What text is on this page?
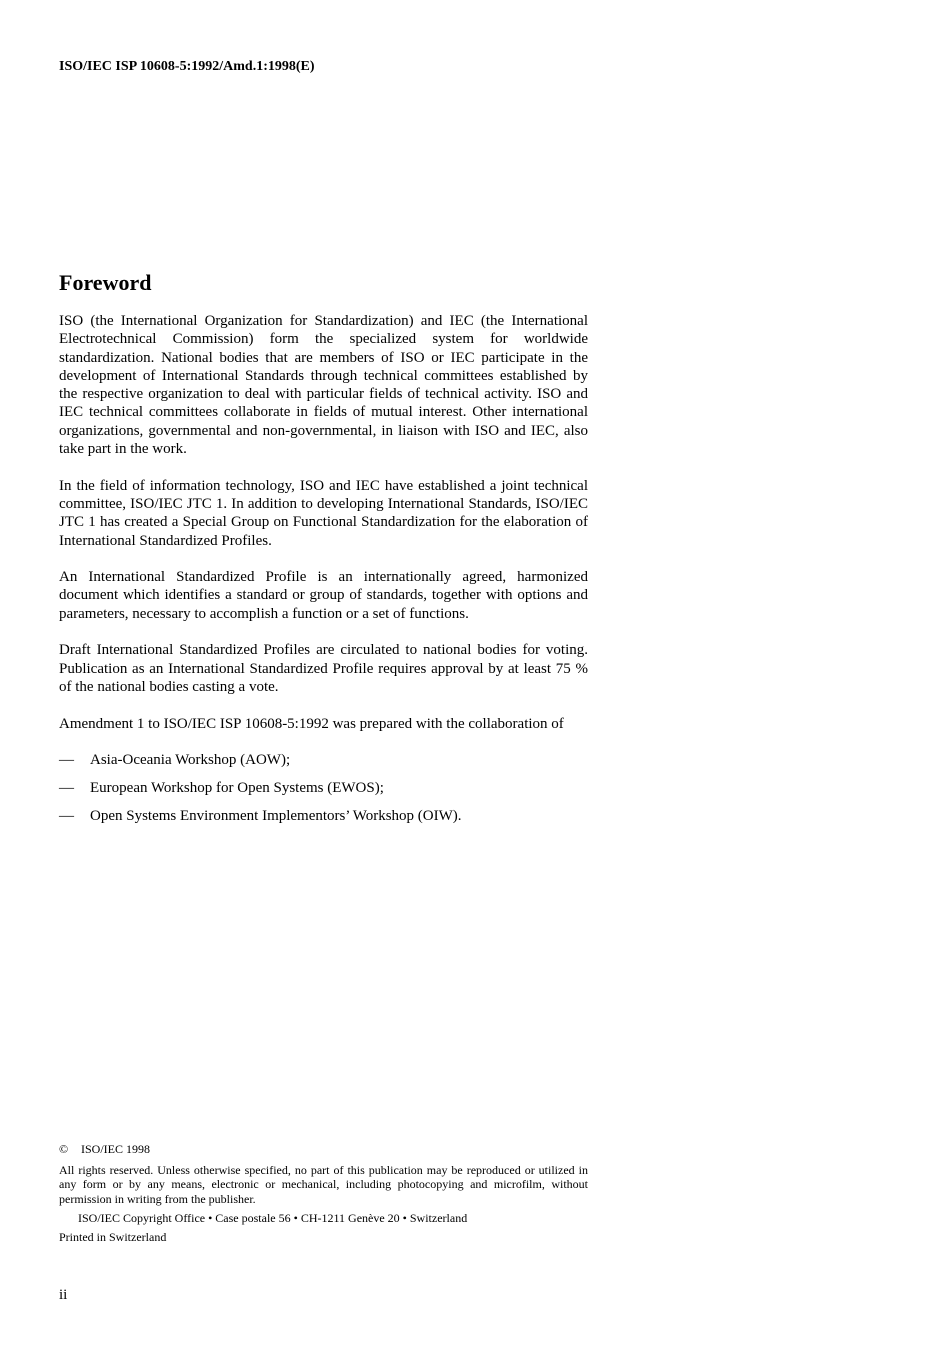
ISO/IEC ISP 10608-5:1992/Amd.1:1998(E)
Foreword

ISO (the International Organization for Standardization) and IEC (the International Electrotechnical Commission) form the specialized system for worldwide standardization. National bodies that are members of ISO or IEC participate in the development of International Standards through technical committees established by the respective organization to deal with particular fields of technical activity. ISO and IEC technical committees collaborate in fields of mutual interest. Other international organizations, governmental and non-governmental, in liaison with ISO and IEC, also take part in the work.

In the field of information technology, ISO and IEC have established a joint technical committee, ISO/IEC JTC 1. In addition to developing International Standards, ISO/IEC JTC 1 has created a Special Group on Functional Standardization for the elaboration of International Standardized Profiles.

An International Standardized Profile is an internationally agreed, harmonized document which identifies a standard or group of standards, together with options and parameters, necessary to accomplish a function or a set of functions.

Draft International Standardized Profiles are circulated to national bodies for voting. Publication as an International Standardized Profile requires approval by at least 75 % of the national bodies casting a vote.

Amendment 1 to ISO/IEC ISP 10608-5:1992 was prepared with the collaboration of

— Asia-Oceania Workshop (AOW);
— European Workshop for Open Systems (EWOS);
— Open Systems Environment Implementors’ Workshop (OIW).
© ISO/IEC 1998
All rights reserved. Unless otherwise specified, no part of this publication may be reproduced or utilized in any form or by any means, electronic or mechanical, including photocopying and microfilm, without permission in writing from the publisher.
ISO/IEC Copyright Office • Case postale 56 • CH-1211 Genève 20 • Switzerland
Printed in Switzerland
ii
